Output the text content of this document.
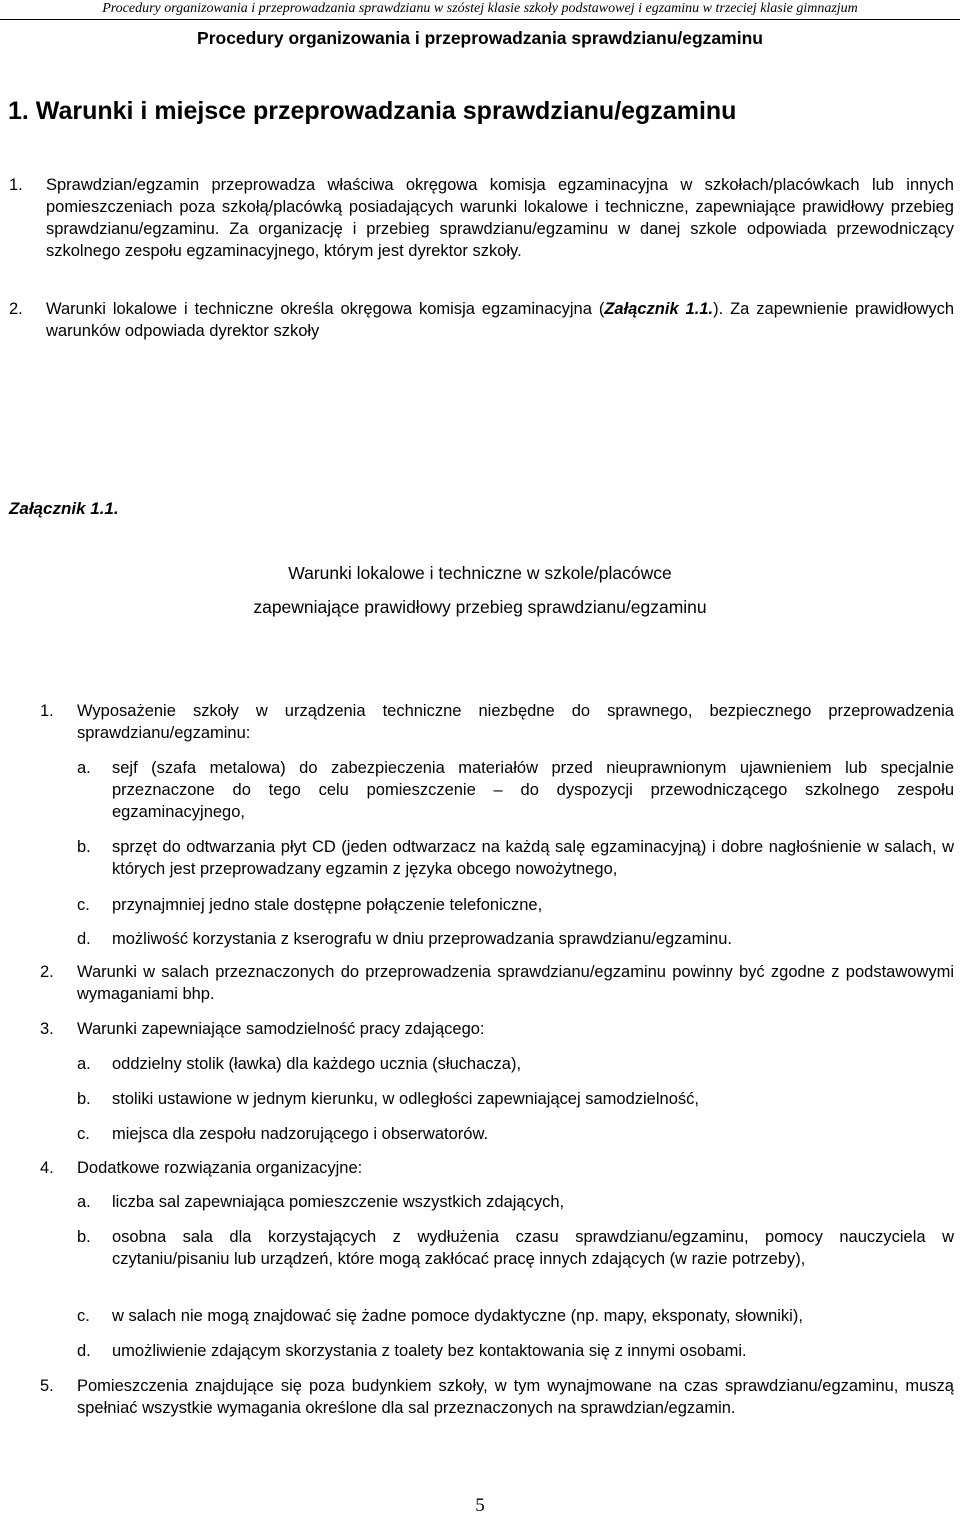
Procedury organizowania i przeprowadzania sprawdzianu w szóstej klasie szkoły podstawowej i egzaminu w trzeciej klasie gimnazjum
Procedury organizowania i przeprowadzania sprawdzianu/egzaminu
1. Warunki i miejsce przeprowadzania sprawdzianu/egzaminu
1. Sprawdzian/egzamin przeprowadza właściwa okręgowa komisja egzaminacyjna w szkołach/placówkach lub innych pomieszczeniach poza szkołą/placówką posiadających warunki lokalowe i techniczne, zapewniające prawidłowy przebieg sprawdzianu/egzaminu. Za organizację i przebieg sprawdzianu/egzaminu w danej szkole odpowiada przewodniczący szkolnego zespołu egzaminacyjnego, którym jest dyrektor szkoły.
2. Warunki lokalowe i techniczne określa okręgowa komisja egzaminacyjna (Załącznik 1.1.). Za zapewnienie prawidłowych warunków odpowiada dyrektor szkoły
Załącznik 1.1.
Warunki lokalowe i techniczne w szkole/placówce
zapewniające prawidłowy przebieg sprawdzianu/egzaminu
1. Wyposażenie szkoły w urządzenia techniczne niezbędne do sprawnego, bezpiecznego przeprowadzenia sprawdzianu/egzaminu:
a. sejf (szafa metalowa) do zabezpieczenia materiałów przed nieuprawnionym ujawnieniem lub specjalnie przeznaczone do tego celu pomieszczenie – do dyspozycji przewodniczącego szkolnego zespołu egzaminacyjnego,
b. sprzęt do odtwarzania płyt CD (jeden odtwarzacz na każdą salę egzaminacyjną) i dobre nagłośnienie w salach, w których jest przeprowadzany egzamin z języka obcego nowożytnego,
c. przynajmniej jedno stale dostępne połączenie telefoniczne,
d. możliwość korzystania z kserografu w dniu przeprowadzania sprawdzianu/egzaminu.
2. Warunki w salach przeznaczonych do przeprowadzenia sprawdzianu/egzaminu powinny być zgodne z podstawowymi wymaganiami bhp.
3. Warunki zapewniające samodzielność pracy zdającego:
a. oddzielny stolik (ławka) dla każdego ucznia (słuchacza),
b. stoliki ustawione w jednym kierunku, w odległości zapewniającej samodzielność,
c. miejsca dla zespołu nadzorującego i obserwatorów.
4. Dodatkowe rozwiązania organizacyjne:
a. liczba sal zapewniająca pomieszczenie wszystkich zdających,
b. osobna sala dla korzystających z wydłużenia czasu sprawdzianu/egzaminu, pomocy nauczyciela w czytaniu/pisaniu lub urządzeń, które mogą zakłócać pracę innych zdających (w razie potrzeby),
c. w salach nie mogą znajdować się żadne pomoce dydaktyczne (np. mapy, eksponaty, słowniki),
d. umożliwienie zdającym skorzystania z toalety bez kontaktowania się z innymi osobami.
5. Pomieszczenia znajdujące się poza budynkiem szkoły, w tym wynajmowane na czas sprawdzianu/egzaminu, muszą spełniać wszystkie wymagania określone dla sal przeznaczonych na sprawdzian/egzamin.
5
